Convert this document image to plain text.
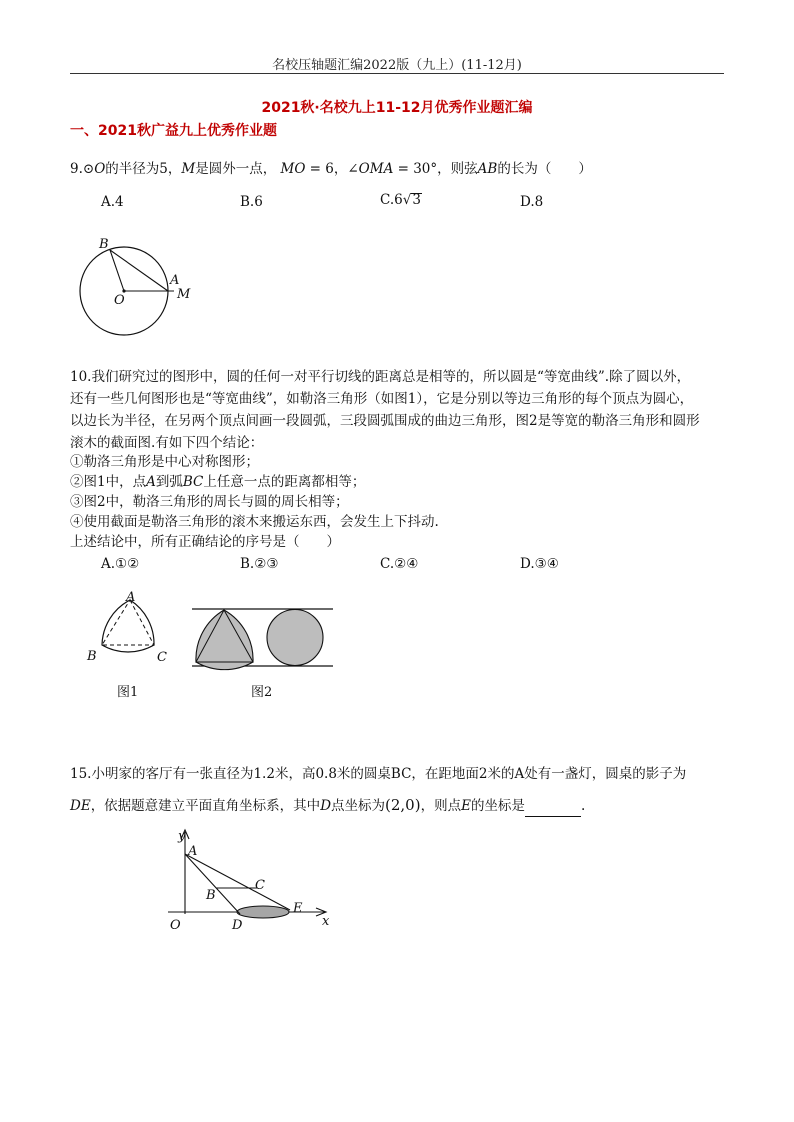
名校压轴题汇编2022版（九上）(11-12月)
2021秋·名校九上11-12月优秀作业题汇编
一、2021秋广益九上优秀作业题
9.⊙O的半径为5，M是圆外一点， MO = 6，∠OMA = 30°，则弦AB的长为（　　）
A.4	B.6	C.6√3	D.8
B
A
M
O
10.我们研究过的图形中，圆的任何一对平行切线的距离总是相等的，所以圆是“等宽曲线”.除了圆以外，
还有一些几何图形也是“等宽曲线”，如勒洛三角形（如图1），它是分别以等边三角形的每个顶点为圆心，
以边长为半径，在另两个顶点间画一段圆弧，三段圆弧围成的曲边三角形，图2是等宽的勒洛三角形和圆形
滚木的截面图.有如下四个结论：
①勒洛三角形是中心对称图形；
②图1中，点A到弧BC上任意一点的距离都相等；
③图2中，勒洛三角形的周长与圆的周长相等；
④使用截面是勒洛三角形的滚木来搬运东西，会发生上下抖动.
上述结论中，所有正确结论的序号是（　　）
A.①②	B.②③	C.②④	D.③④
A
B	C
图1	图2
15.小明家的客厅有一张直径为1.2米，高0.8米的圆桌BC，在距地面2米的A处有一盏灯，圆桌的影子为
DE，依据题意建立平面直角坐标系，其中D点坐标为(2,0)，则点E的坐标是	.
y
A
C
B
E
O	D	x
